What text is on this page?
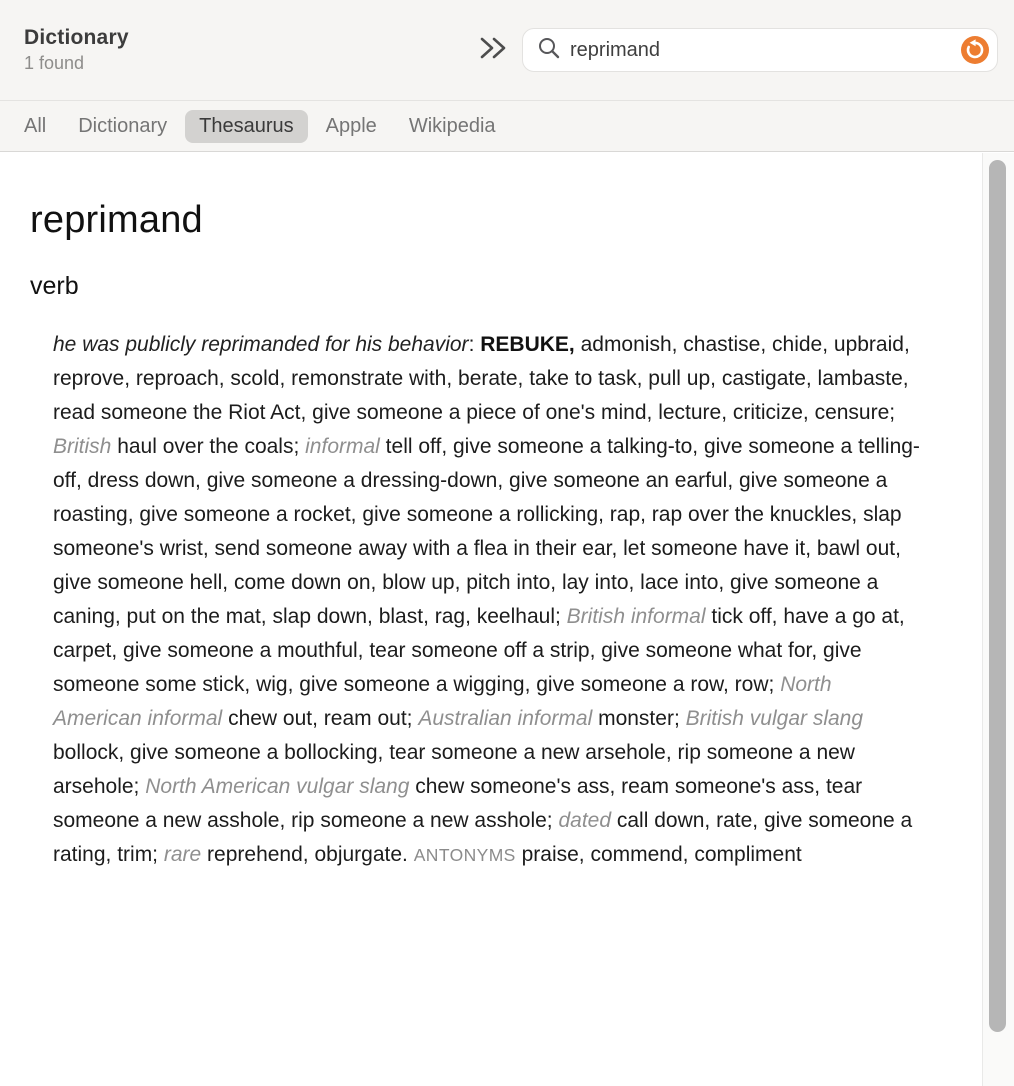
Dictionary
1 found
reprimand
All	Dictionary	Thesaurus	Apple	Wikipedia
reprimand
verb

he was publicly reprimanded for his behavior: REBUKE, admonish, chastise, chide, upbraid, reprove, reproach, scold, remonstrate with, berate, take to task, pull up, castigate, lambaste, read someone the Riot Act, give someone a piece of one's mind, lecture, criticize, censure; British haul over the coals; informal tell off, give someone a talking-to, give someone a telling-off, dress down, give someone a dressing-down, give someone an earful, give someone a roasting, give someone a rocket, give someone a rollicking, rap, rap over the knuckles, slap someone's wrist, send someone away with a flea in their ear, let someone have it, bawl out, give someone hell, come down on, blow up, pitch into, lay into, lace into, give someone a caning, put on the mat, slap down, blast, rag, keelhaul; British informal tick off, have a go at, carpet, give someone a mouthful, tear someone off a strip, give someone what for, give someone some stick, wig, give someone a wigging, give someone a row, row; North American informal chew out, ream out; Australian informal monster; British vulgar slang bollock, give someone a bollocking, tear someone a new arsehole, rip someone a new arsehole; North American vulgar slang chew someone's ass, ream someone's ass, tear someone a new asshole, rip someone a new asshole; dated call down, rate, give someone a rating, trim; rare reprehend, objurgate. ANTONYMS praise, commend, compliment
